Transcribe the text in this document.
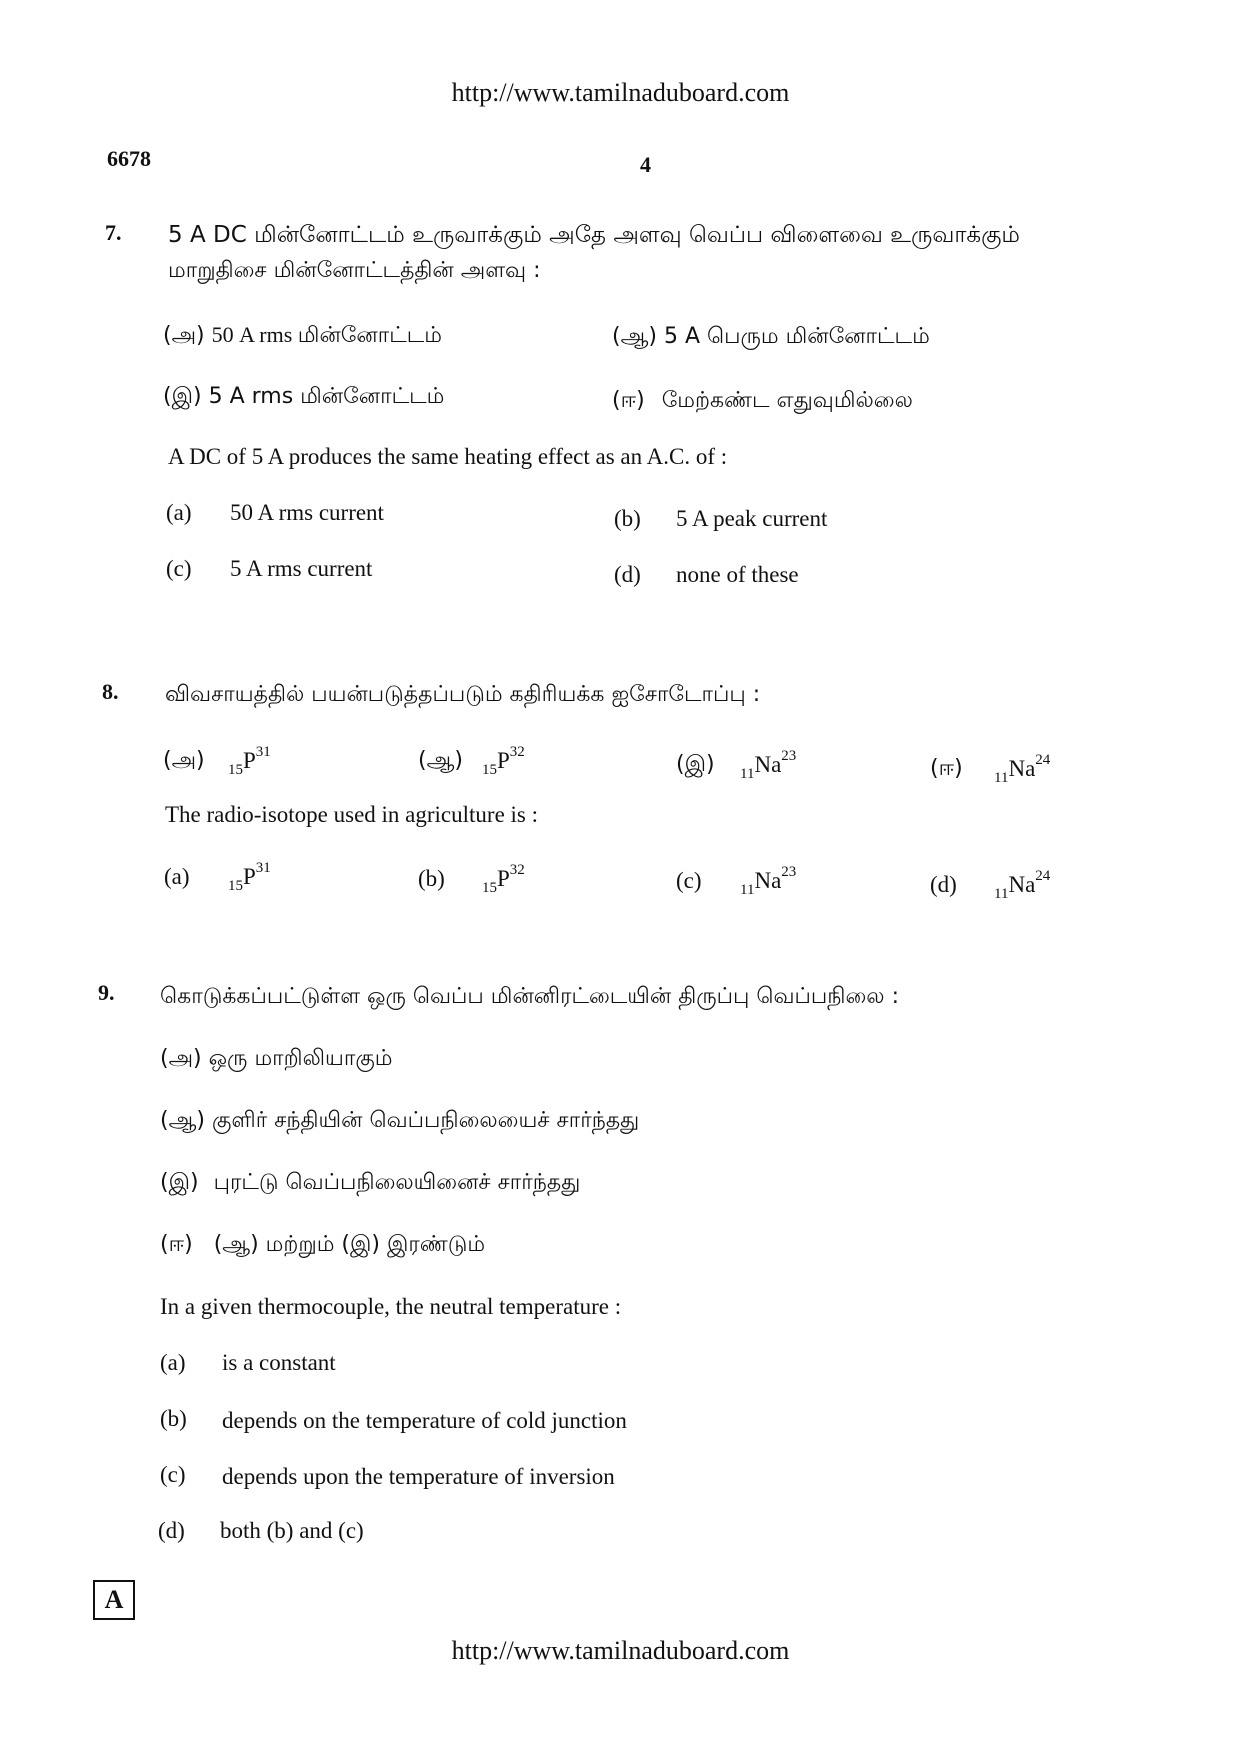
http://www.tamilnaduboard.com
6678	4
7. 5 A DC மின்னோட்டம் உருவாக்கும் அதே அளவு வெப்ப விளைவை உருவாக்கும்
மாறுதிசை மின்னோட்டத்தின் அளவு :
(அ) 50 A rms மின்னோட்டம்	(ஆ) 5 A பெரும மின்னோட்டம்
(இ) 5 A rms மின்னோட்டம்	(ஈ) மேற்கண்ட எதுவுமில்லை
A DC of 5 A produces the same heating effect as an A.C. of :
(a) 50 A rms current	(b) 5 A peak current
(c) 5 A rms current	(d) none of these
8. விவசாயத்தில் பயன்படுத்தப்படும் கதிரியக்க ஐசோடோப்பு :
(அ) $_{15}P^{31}$	(ஆ) $_{15}P^{32}$	(இ) $_{11}Na^{23}$	(ஈ) $_{11}Na^{24}$
The radio-isotope used in agriculture is :
(a)	$_{15}P^{31}$	(b) $_{15}P^{32}$	(c)	$_{11}Na^{23}$	(d) $_{11}Na^{24}$
9. கொடுக்கப்பட்டுள்ள ஒரு வெப்ப மின்னிரட்டையின் திருப்பு வெப்பநிலை :
(அ) ஒரு மாறிலியாகும்
(ஆ) குளிர் சந்தியின் வெப்பநிலையைச் சார்ந்தது
(இ) புரட்டு வெப்பநிலையினைச் சார்ந்தது
(ஈ) (ஆ) மற்றும் (இ) இரண்டும்
In a given thermocouple, the neutral temperature :
(a) is a constant
(b) depends on the temperature of cold junction
(c) depends upon the temperature of inversion
(d) both (b) and (c)
A
http://www.tamilnaduboard.com
